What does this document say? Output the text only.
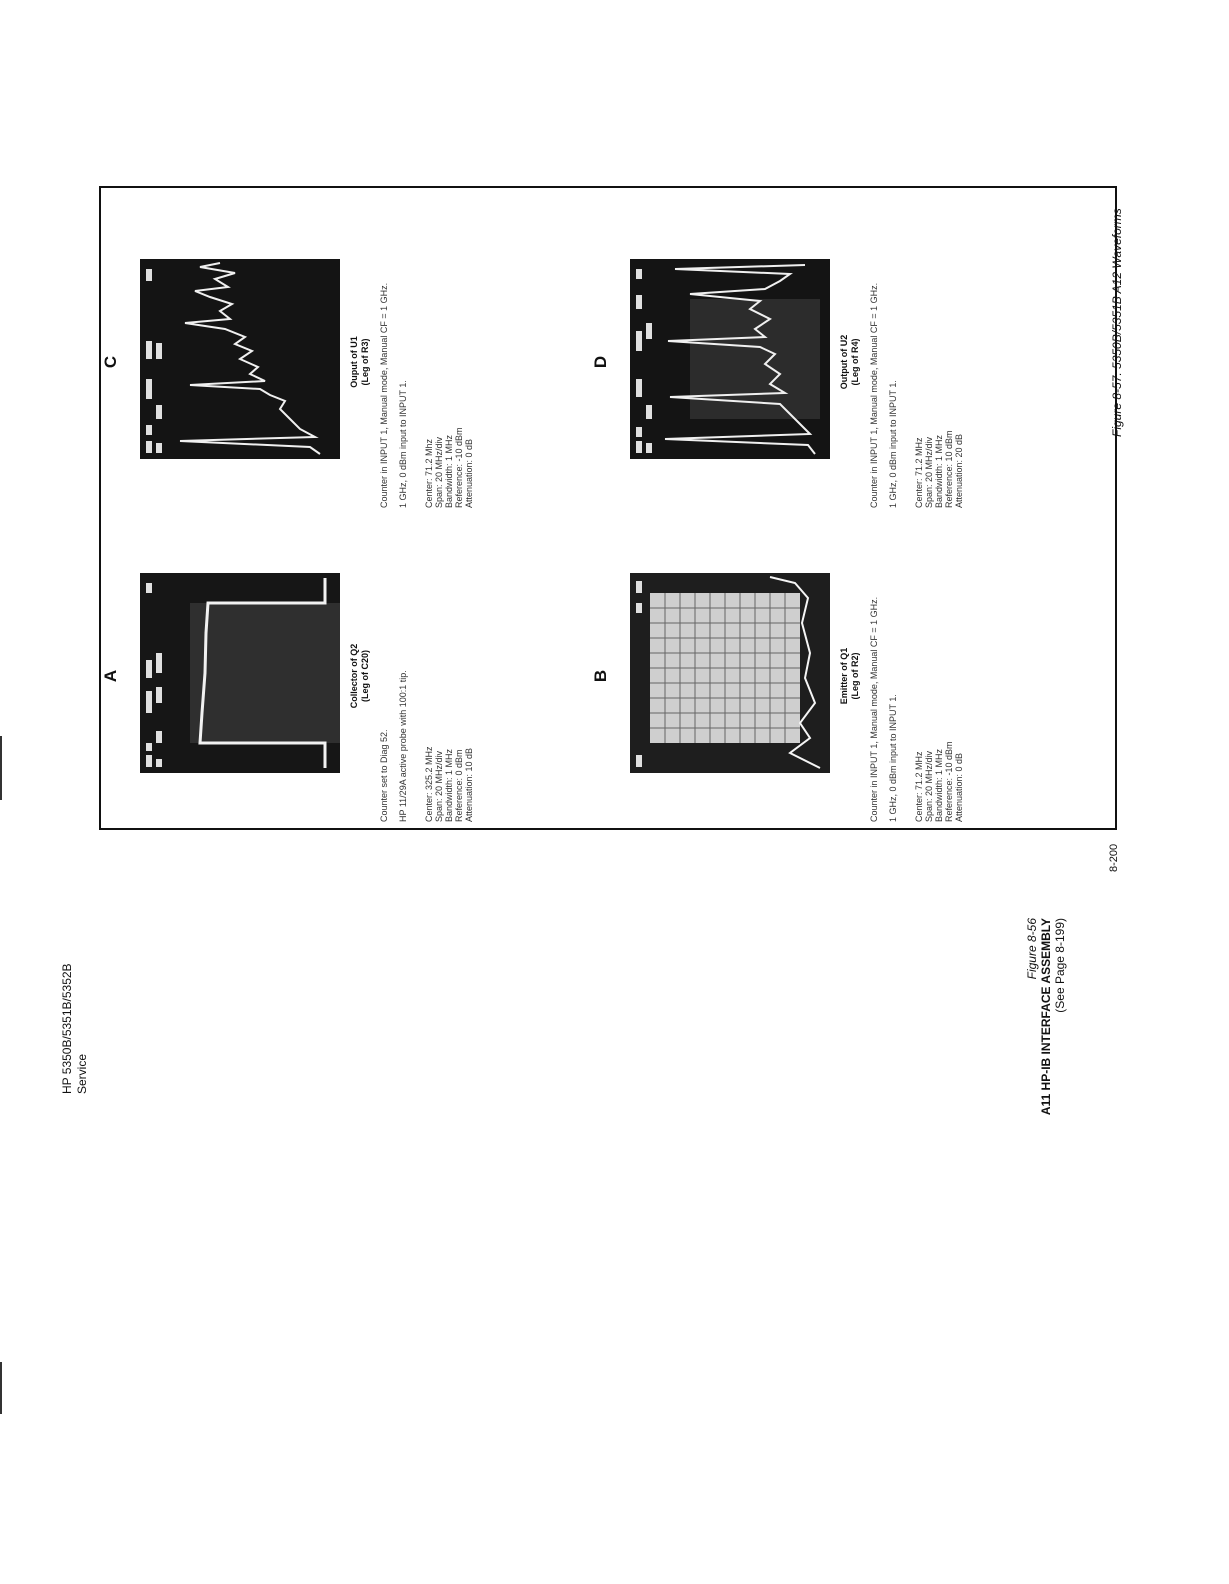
HP 5350B/5351B/5352B Service
A	Collector of Q2 (Leg of C20)
Counter set to Diag 52. HP 11/29A active probe with 100:1 tip. Center: 325.2 MHz Span: 20 MHz/div Bandwidth: 1 MHz Reference: 0 dBm Attenuation: 10 dB
B	Emitter of Q1 (Leg of R2) Counter in INPUT 1, Manual mode, Manual CF = 1 GHz. 1 GHz, 0 dBm input to INPUT 1. Center: 71.2 MHz Span: 20 MHz/div Bandwidth: 1 MHz Reference: -10 dBm Attenuation: 0 dB
C	Ouput of U1 (Leg of R3) Counter in INPUT 1, Manual mode, Manual CF = 1 GHz. 1 GHz, 0 dBm input to INPUT 1. Center: 71.2 Mhz Span: 20 MHz/div Bandwidth: 1 MHz Reference: -10 dBm Attenuation: 0 dB
D	Output of U2 (Leg of R4) Counter in INPUT 1, Manual mode, Manual CF = 1 GHz. 1 GHz, 0 dBm input to INPUT 1. Center: 71.2 MHz Span: 20 MHz/div Bandwidth: 1 MHz Reference: 10 dBm Attenuation: 20 dB
8-200
Figure 8-57. 5350B/5351B A12 Waveforms
Figure 8-56 A11 HP-IB INTERFACE ASSEMBLY (See Page 8-199)
